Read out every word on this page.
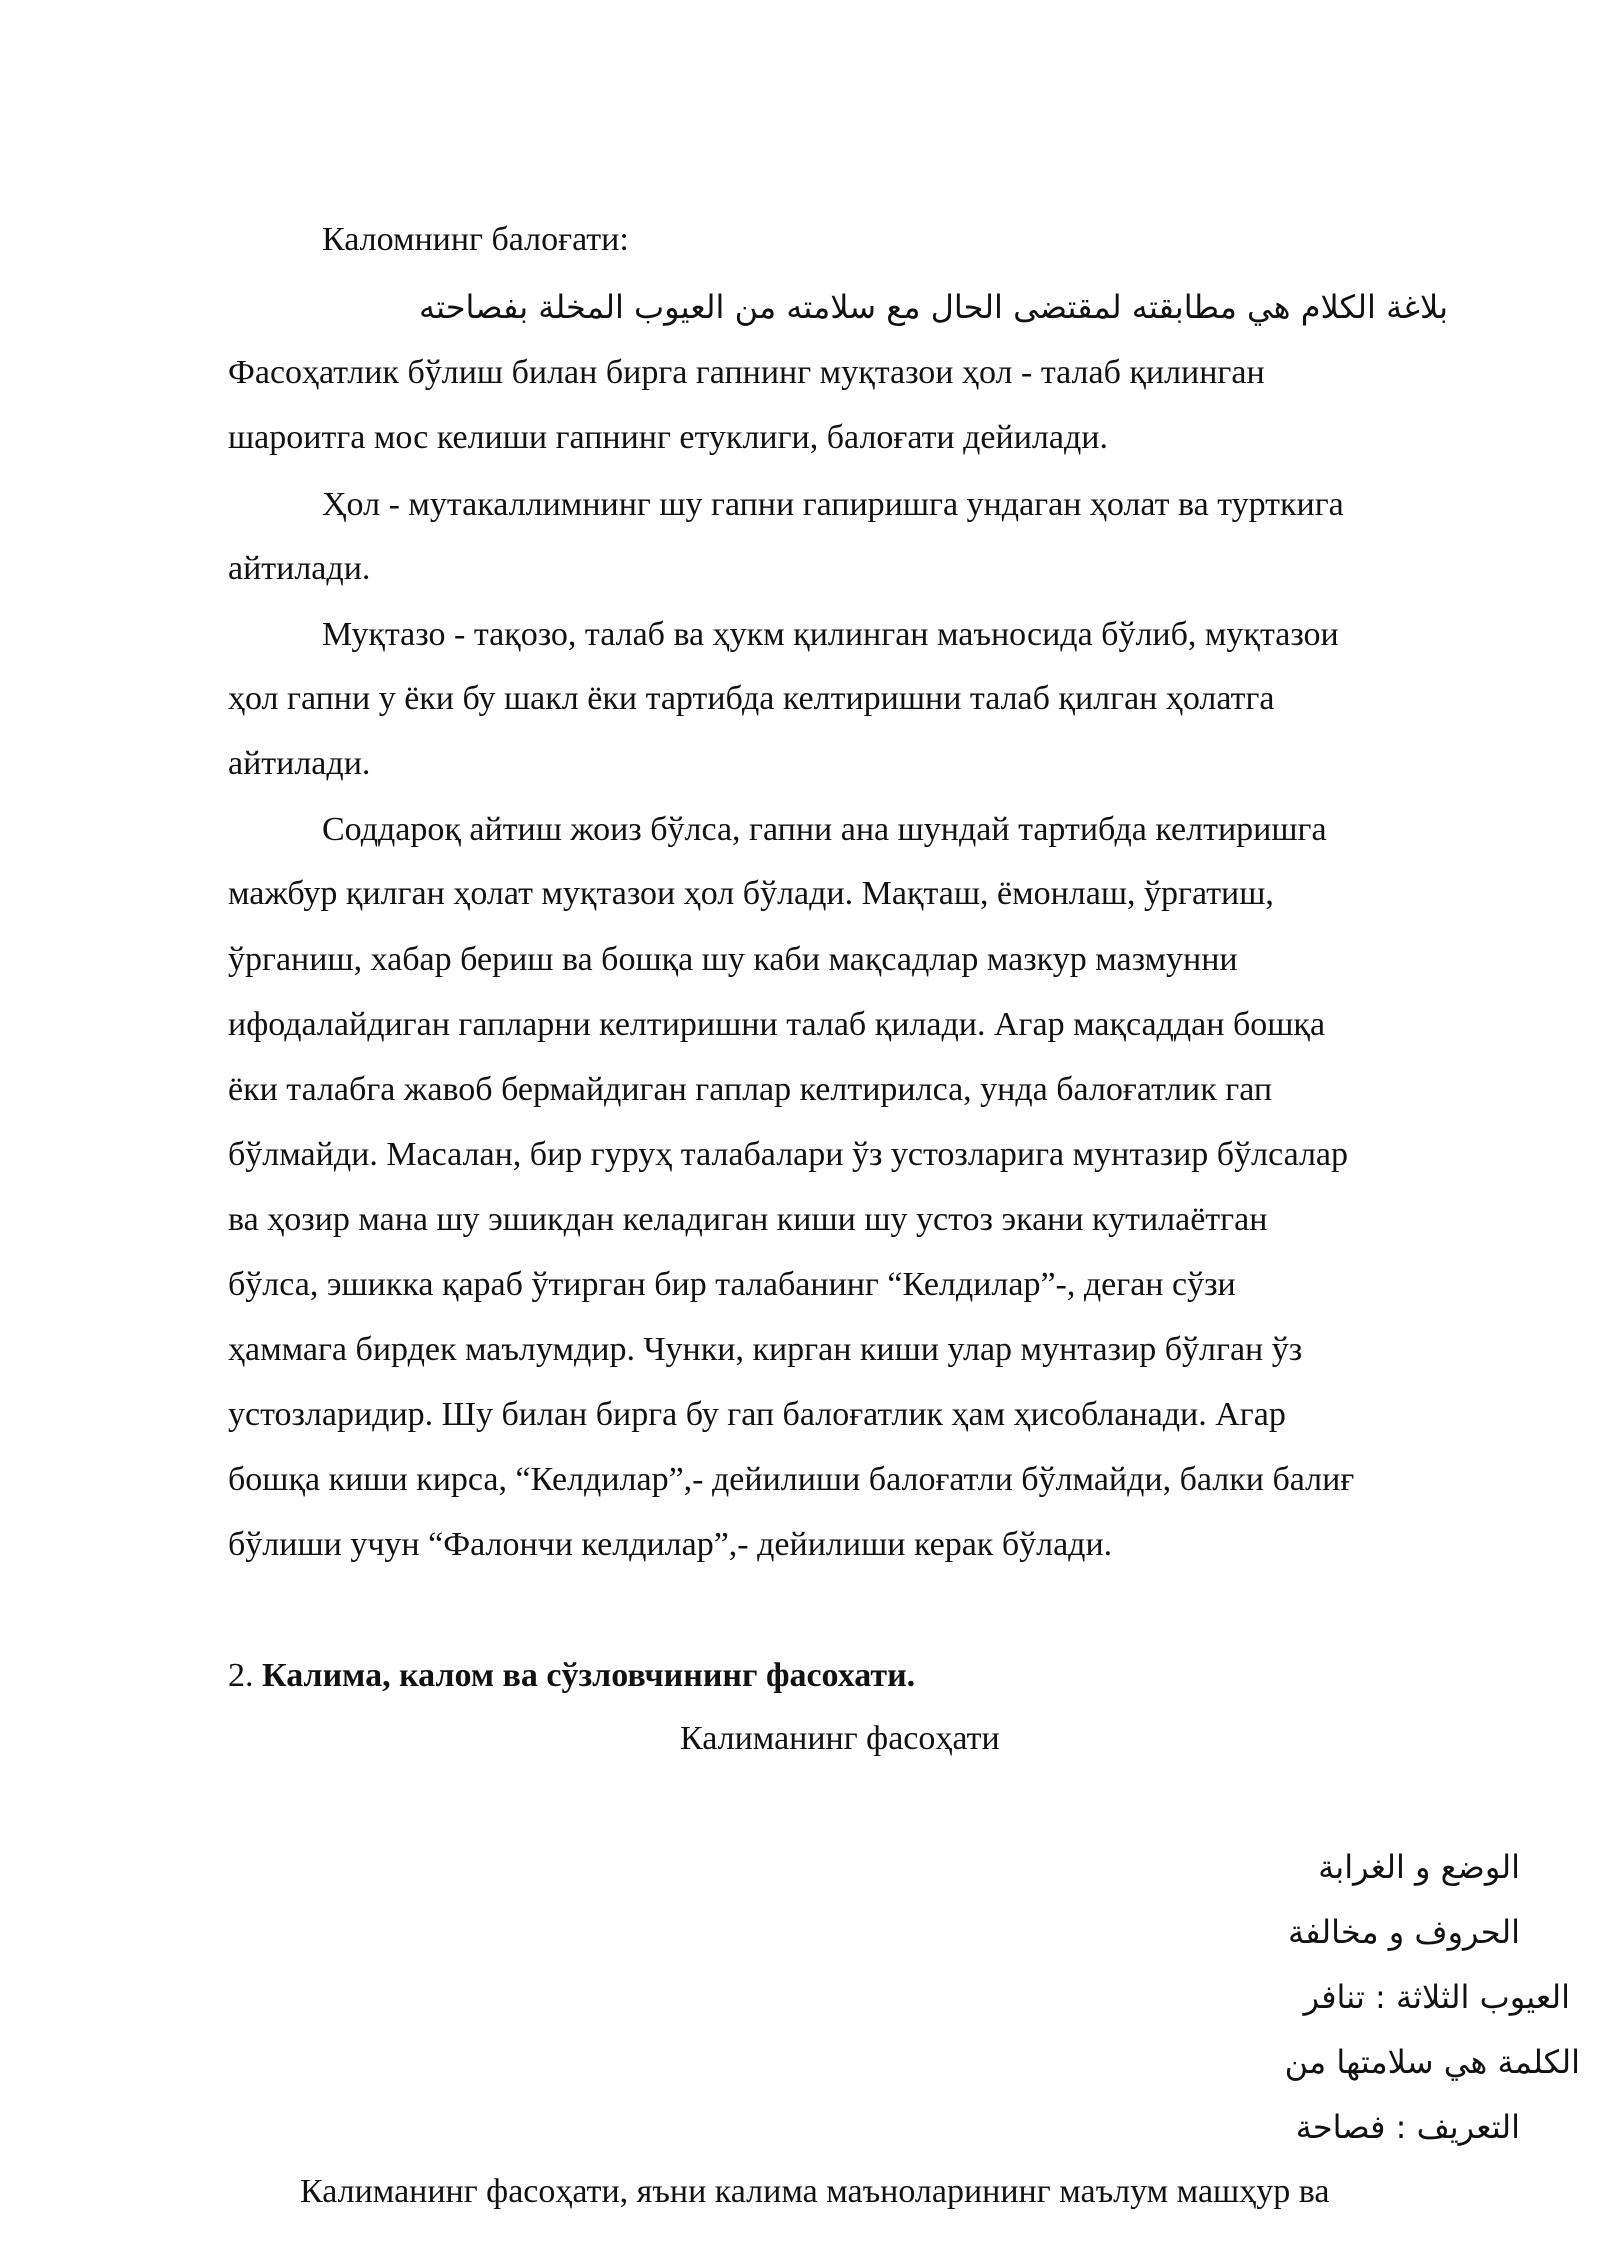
Каломнинг балоғати:
بلاغة الكلام هي مطابقته لمقتضى الحال مع سلامته من العيوب المخلة بفصاحته
Фасоҳатлик бўлиш билан бирга гапнинг муқтазои ҳол - талаб қилинган
шароитга мос келиши гапнинг етуклиги, балоғати дейилади.
Ҳол - мутакаллимнинг шу гапни гапиришга ундаган ҳолат ва турткига
айтилади.
Муқтазо - тақозо, талаб ва ҳукм қилинган маъносида бўлиб, муқтазои
ҳол гапни у ёки бу шакл ёки тартибда келтиришни талаб қилган ҳолатга
айтилади.
Соддароқ айтиш жоиз бўлса, гапни ана шундай тартибда келтиришга
мажбур қилган ҳолат муқтазои ҳол бўлади. Мақташ, ёмонлаш, ўргатиш,
ўрганиш, хабар бериш ва бошқа шу каби мақсадлар мазкур мазмунни
ифодалайдиган гапларни келтиришни талаб қилади. Агар мақсаддан бошқа
ёки талабга жавоб бермайдиган гаплар келтирилса, унда балоғатлик гап
бўлмайди. Масалан, бир гуруҳ талабалари ўз устозларига мунтазир бўлсалар
ва ҳозир мана шу эшикдан келадиган киши шу устоз экани кутилаётган
бўлса, эшикка қараб ўтирган бир талабанинг “Келдилар”-, деган сўзи
ҳаммага бирдек маълумдир. Чунки, кирган киши улар мунтазир бўлган ўз
устозларидир. Шу билан бирга бу гап балоғатлик ҳам ҳисобланади. Агар
бошқа киши кирса, “Келдилар”,- дейилиши балоғатли бўлмайди, балки балиғ
бўлиши учун “Фалончи келдилар”,- дейилиши керак бўлади.
2. Калима, калом ва сўзловчининг фасохати.
Калиманинг фасоҳати
الوضع و الغرابة
الحروف و مخالفة
العيوب الثلاثة : تنافر
الكلمة هي سلامتها من
التعريف : فصاحة
Калиманинг фасоҳати, яъни калима маъноларининг маълум машҳур ва
